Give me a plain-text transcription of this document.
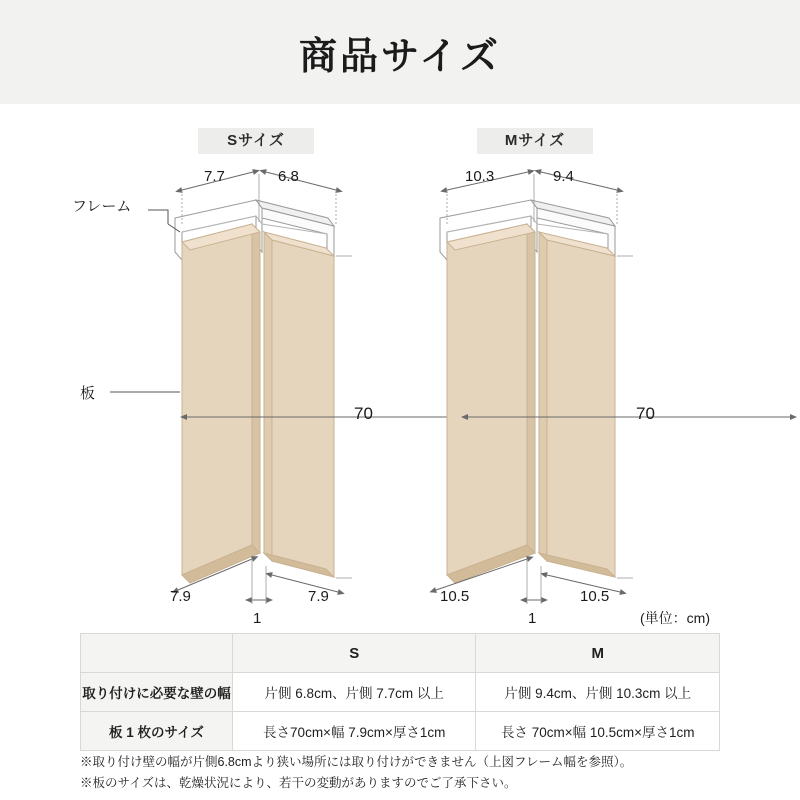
商品サイズ
Sサイズ	Mサイズ
フレーム
板
7.7	6.8
70
7.9	7.9
1
10.3	9.4
70
10.5	10.5
1	(単位：cm)
	S	M
取り付けに必要な壁の幅	片側 6.8cm、片側 7.7cm 以上	片側 9.4cm、片側 10.3cm 以上
板 1 枚のサイズ	長さ70cm×幅 7.9cm×厚さ1cm	長さ 70cm×幅 10.5cm×厚さ1cm
※取り付け壁の幅が片側6.8cmより狭い場所には取り付けができません（上図フレーム幅を参照）。
※板のサイズは、乾燥状況により、若干の変動がありますのでご了承下さい。
